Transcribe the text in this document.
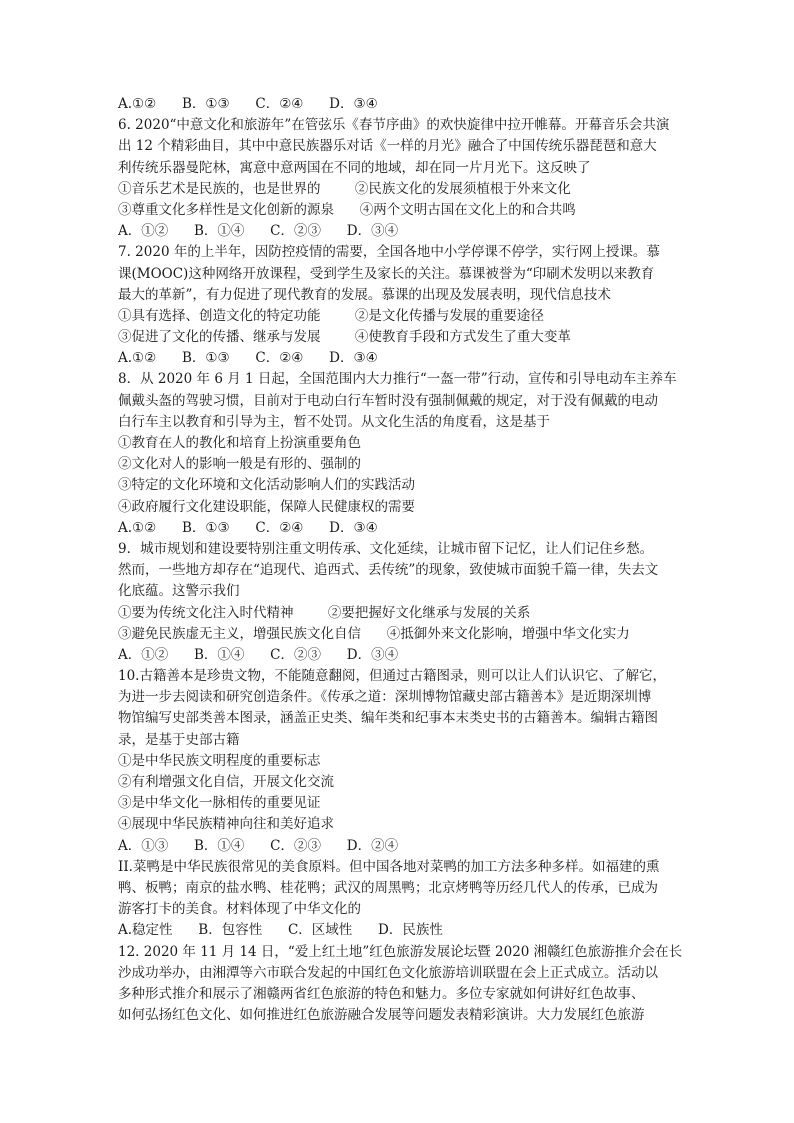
A.①②      B．①③      C．②④      D．③④
6. 2020“中意文化和旅游年”在管弦乐《春节序曲》的欢快旋律中拉开帷幕。开幕音乐会共演
出 12 个精彩曲目，其中中意民族器乐对话《一样的月光》融合了中国传统乐器琵琶和意大
利传统乐器曼陀林，寓意中意两国在不同的地域，却在同一片月光下。这反映了
①音乐艺术是民族的，也是世界的        ②民族文化的发展须植根于外来文化
③尊重文化多样性是文化创新的源泉      ④两个文明古国在文化上的和合共鸣
A．①②      B．①④      C．②③      D．③④
7. 2020 年的上半年，因防控疫情的需要，全国各地中小学停课不停学，实行网上授课。慕
课(MOOC)这种网络开放课程，受到学生及家长的关注。慕课被誉为“印刷术发明以来教育
最大的革新”，有力促进了现代教育的发展。慕课的出现及发展表明，现代信息技术
①具有选择、创造文化的特定功能        ②是文化传播与发展的重要途径
③促进了文化的传播、继承与发展        ④使教育手段和方式发生了重大变革
A.①②      B．①③      C．②④      D．③④
8．从 2020 年 6 月 1 日起，全国范围内大力推行“一盔一带”行动，宣传和引导电动车主养车
佩戴头盔的驾驶习惯，目前对于电动白行车暂时没有强制佩戴的规定，对于没有佩戴的电动
白行车主以教育和引导为主，暂不处罚。从文化生活的角度看，这是基于
①教育在人的教化和培育上扮演重要角色
②文化对人的影响一般是有形的、强制的
③特定的文化环境和文化活动影响人们的实践活动
④政府履行文化建设职能，保障人民健康权的需要
A.①②      B．①③      C．②④      D．③④
9．城市规划和建设要特别注重文明传承、文化延续，让城市留下记忆，让人们记住乡愁。
然而，一些地方却存在“追现代、追西式、丢传统”的现象，致使城市面貌千篇一律，失去文
化底蕴。这警示我们
①要为传统文化注入时代精神        ②要把握好文化继承与发展的关系
③避免民族虚无主义，增强民族文化自信      ④抵御外来文化影响，增强中华文化实力
A．①②      B．①④      C．②③      D．③④
10.古籍善本是珍贵文物，不能随意翻阅，但通过古籍图录，则可以让人们认识它、了解它，
为进一步去阅读和研究创造条件。《传承之道：深圳博物馆藏史部古籍善本》是近期深圳博
物馆编写史部类善本图录，涵盖正史类、编年类和纪事本末类史书的古籍善本。编辑古籍图
录，是基于史部古籍
①是中华民族文明程度的重要标志
②有利增强文化自信，开展文化交流
③是中华文化一脉相传的重要见证
④展现中华民族精神向往和美好追求
A．①③      B．①④      C．②③      D．②④
II.菜鸭是中华民族很常见的美食原料。但中国各地对菜鸭的加工方法多种多样。如福建的熏
鸭、板鸭；南京的盐水鸭、桂花鸭；武汉的周黑鸭；北京烤鸭等历经几代人的传承，已成为
游客打卡的美食。材料体现了中华文化的
A.稳定性      B．包容性      C．区域性      D．民族性
12. 2020 年 11 月 14 日，“爱上红土地”红色旅游发展论坛暨 2020 湘赣红色旅游推介会在长
沙成功举办，由湘潭等六市联合发起的中国红色文化旅游培训联盟在会上正式成立。活动以
多种形式推介和展示了湘赣两省红色旅游的特色和魅力。多位专家就如何讲好红色故事、
如何弘扬红色文化、如何推进红色旅游融合发展等问题发表精彩演讲。大力发展红色旅游
